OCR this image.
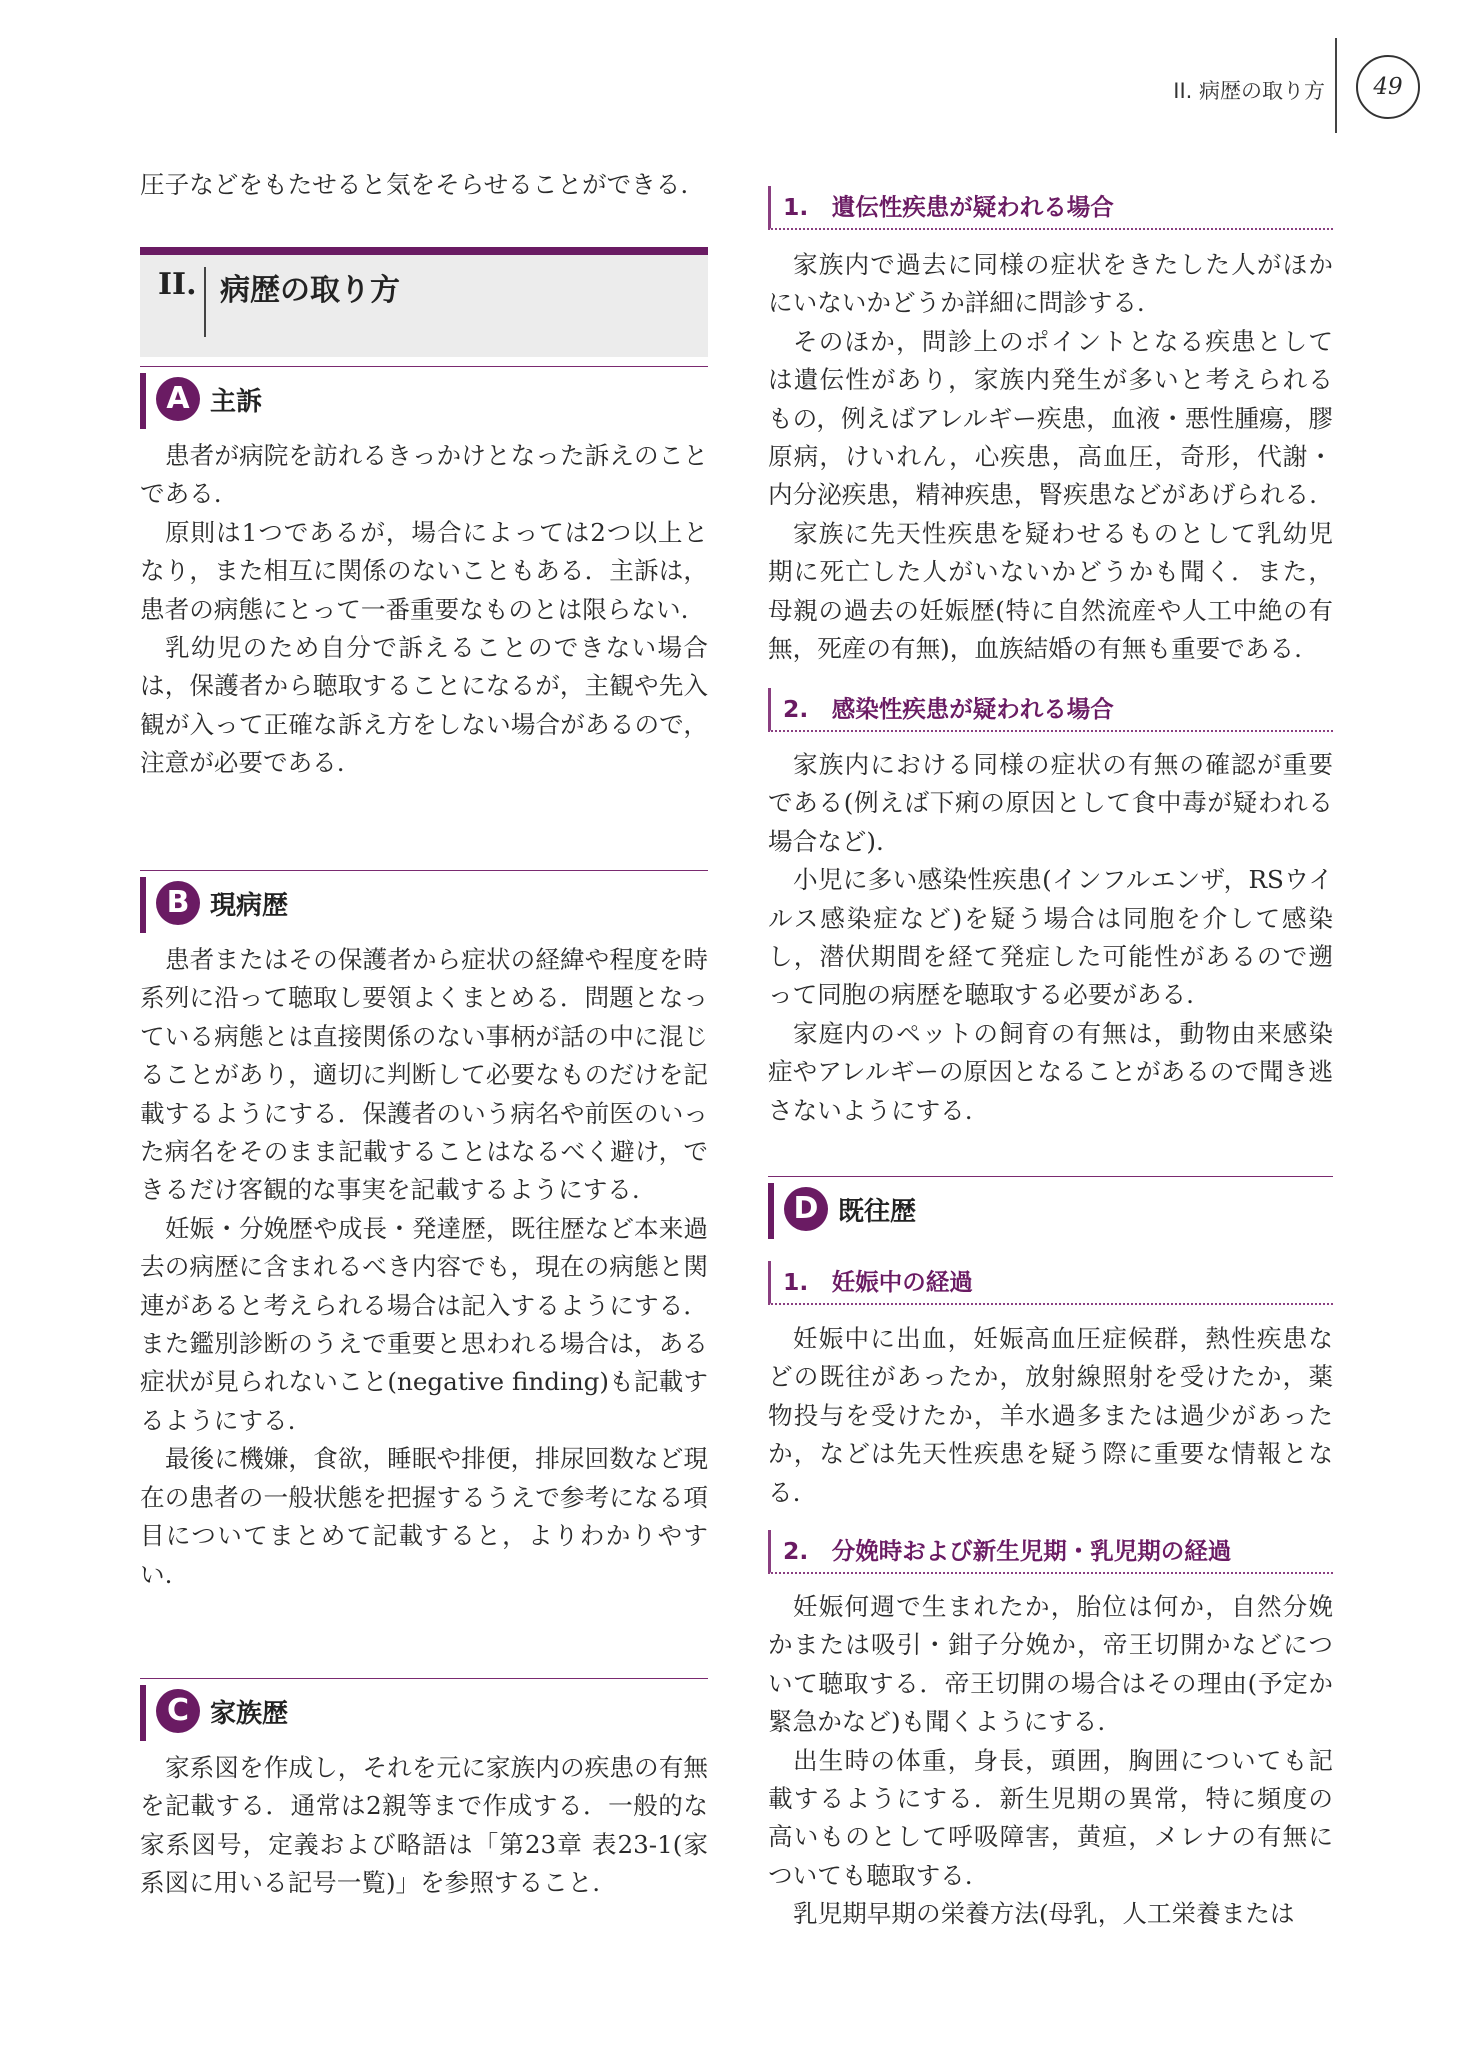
II. 病歴の取り方	49

圧子などをもたせると気をそらせることができる.

II. 病歴の取り方
A 主訴

患者が病院を訪れるきっかけとなった訴えのことである.

原則は1つであるが，場合によっては2つ以上となり，また相互に関係のないこともある．主訴は，患者の病態にとって一番重要なものとは限らない.

乳幼児のため自分で訴えることのできない場合は，保護者から聴取することになるが，主観や先入観が入って正確な訴え方をしない場合があるので，注意が必要である.

B 現病歴

患者またはその保護者から症状の経緯や程度を時系列に沿って聴取し要領よくまとめる．問題となっている病態とは直接関係のない事柄が話の中に混じることがあり，適切に判断して必要なものだけを記載するようにする．保護者のいう病名や前医のいった病名をそのまま記載することはなるべく避け，できるだけ客観的な事実を記載するようにする.

妊娠・分娩歴や成長・発達歴，既往歴など本来過去の病歴に含まれるべき内容でも，現在の病態と関連があると考えられる場合は記入するようにする．また鑑別診断のうえで重要と思われる場合は，ある症状が見られないこと(negative finding)も記載するようにする.

最後に機嫌，食欲，睡眠や排便，排尿回数など現在の患者の一般状態を把握するうえで参考になる項目についてまとめて記載すると，よりわかりやすい.

C 家族歴

家系図を作成し，それを元に家族内の疾患の有無を記載する．通常は2親等まで作成する．一般的な家系図号，定義および略語は「第23章 表23-1(家系図に用いる記号一覧)」を参照すること.

1.　遺伝性疾患が疑われる場合

家族内で過去に同様の症状をきたした人がほかにいないかどうか詳細に問診する.

そのほか，問診上のポイントとなる疾患としては遺伝性があり，家族内発生が多いと考えられるもの，例えばアレルギー疾患，血液・悪性腫瘍，膠原病，けいれん，心疾患，高血圧，奇形，代謝・内分泌疾患，精神疾患，腎疾患などがあげられる.

家族に先天性疾患を疑わせるものとして乳幼児期に死亡した人がいないかどうかも聞く．また，母親の過去の妊娠歴(特に自然流産や人工中絶の有無，死産の有無)，血族結婚の有無も重要である.

2.　感染性疾患が疑われる場合

家族内における同様の症状の有無の確認が重要である(例えば下痢の原因として食中毒が疑われる場合など).

小児に多い感染性疾患(インフルエンザ，RSウイルス感染症など)を疑う場合は同胞を介して感染し，潜伏期間を経て発症した可能性があるので遡って同胞の病歴を聴取する必要がある.

家庭内のペットの飼育の有無は，動物由来感染症やアレルギーの原因となることがあるので聞き逃さないようにする.

D 既往歴
1.　妊娠中の経過

妊娠中に出血，妊娠高血圧症候群，熱性疾患などの既往があったか，放射線照射を受けたか，薬物投与を受けたか，羊水過多または過少があったか，などは先天性疾患を疑う際に重要な情報となる.

2.　分娩時および新生児期・乳児期の経過

妊娠何週で生まれたか，胎位は何か，自然分娩かまたは吸引・鉗子分娩か，帝王切開かなどについて聴取する．帝王切開の場合はその理由(予定か緊急かなど)も聞くようにする.

出生時の体重，身長，頭囲，胸囲についても記載するようにする．新生児期の異常，特に頻度の高いものとして呼吸障害，黄疸，メレナの有無についても聴取する.

乳児期早期の栄養方法(母乳，人工栄養または
